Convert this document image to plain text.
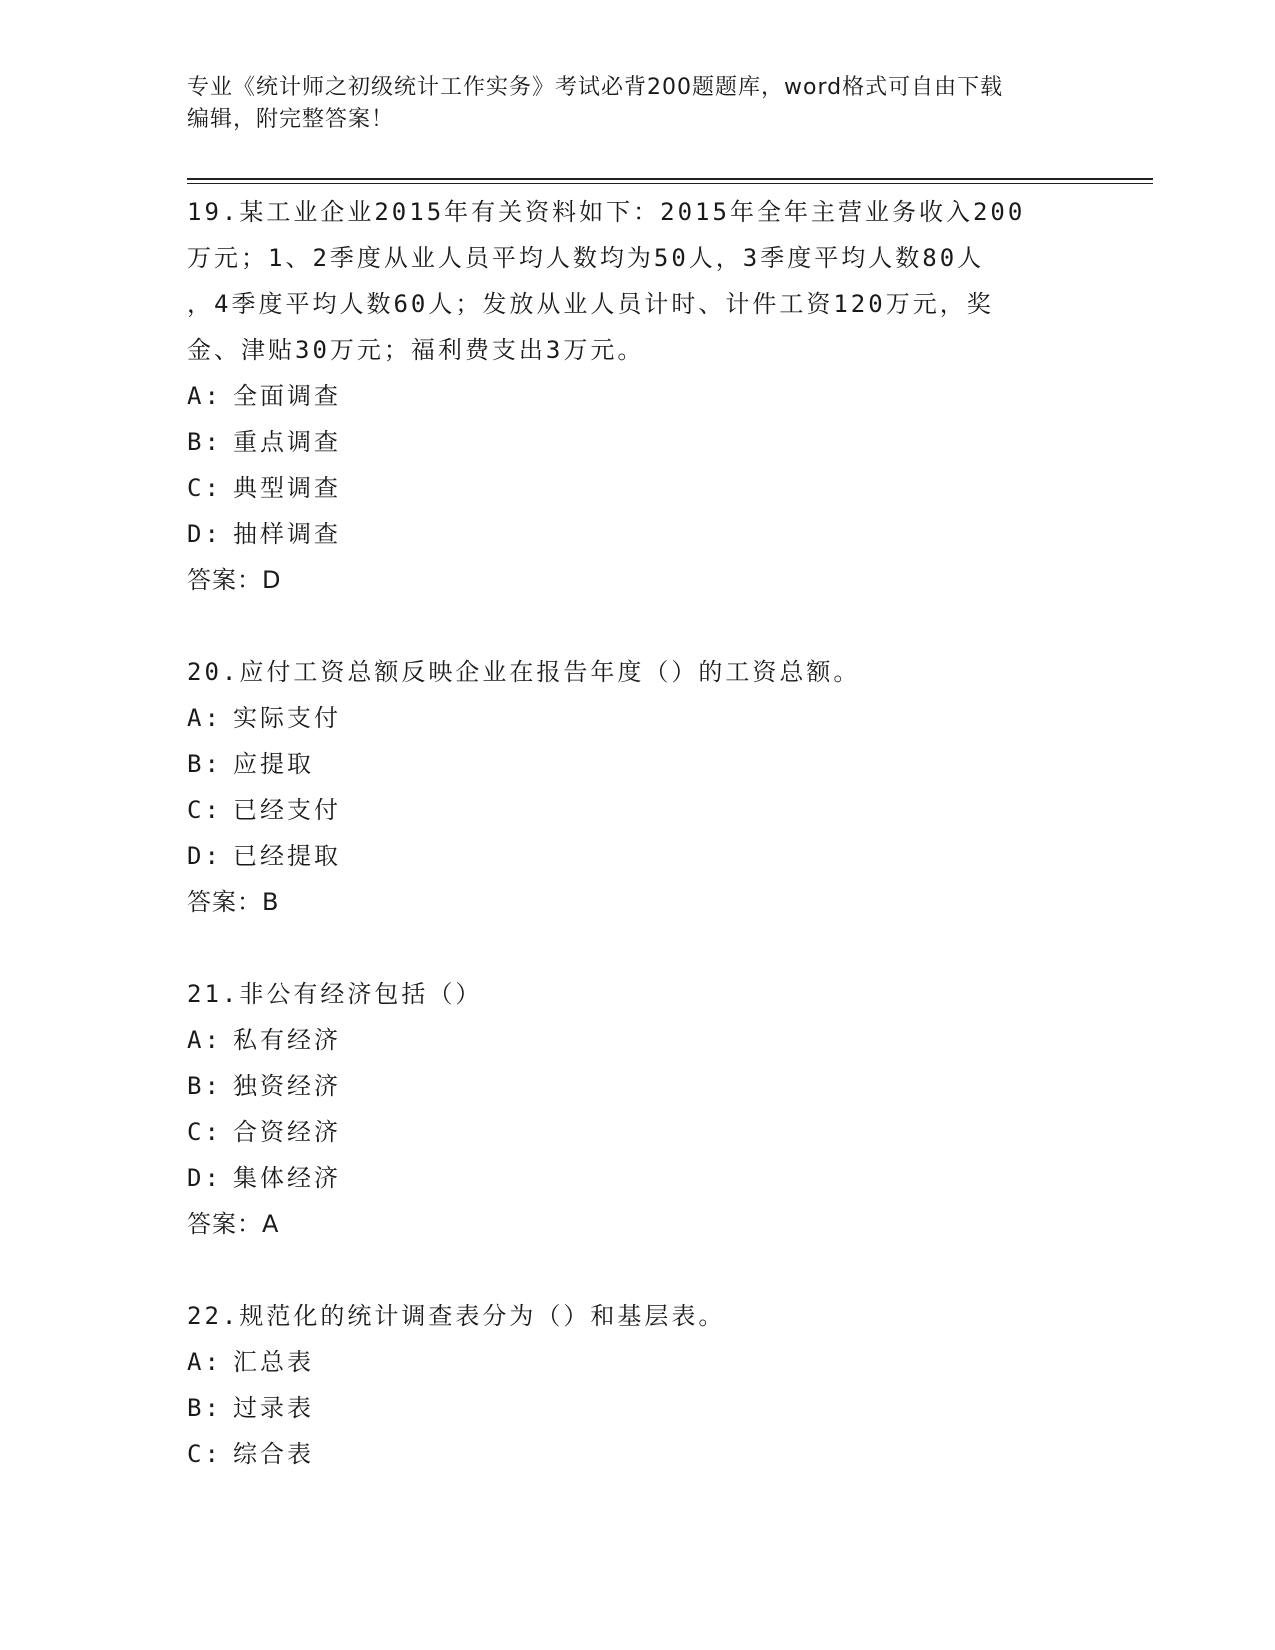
专业《统计师之初级统计工作实务》考试必背200题题库，word格式可自由下载

编辑，附完整答案！

19.某工业企业2015年有关资料如下：2015年全年主营业务收入200

万元；1、2季度从业人员平均人数均为50人，3季度平均人数80人

，4季度平均人数60人；发放从业人员计时、计件工资120万元，奖

金、津贴30万元；福利费支出3万元。

A: 全面调查

B: 重点调查

C: 典型调查

D: 抽样调查

答案：D

20.应付工资总额反映企业在报告年度（）的工资总额。

A: 实际支付

B: 应提取

C: 已经支付

D: 已经提取

答案：B

21.非公有经济包括（）

A: 私有经济

B: 独资经济

C: 合资经济

D: 集体经济

答案：A

22.规范化的统计调查表分为（）和基层表。

A: 汇总表

B: 过录表

C: 综合表
